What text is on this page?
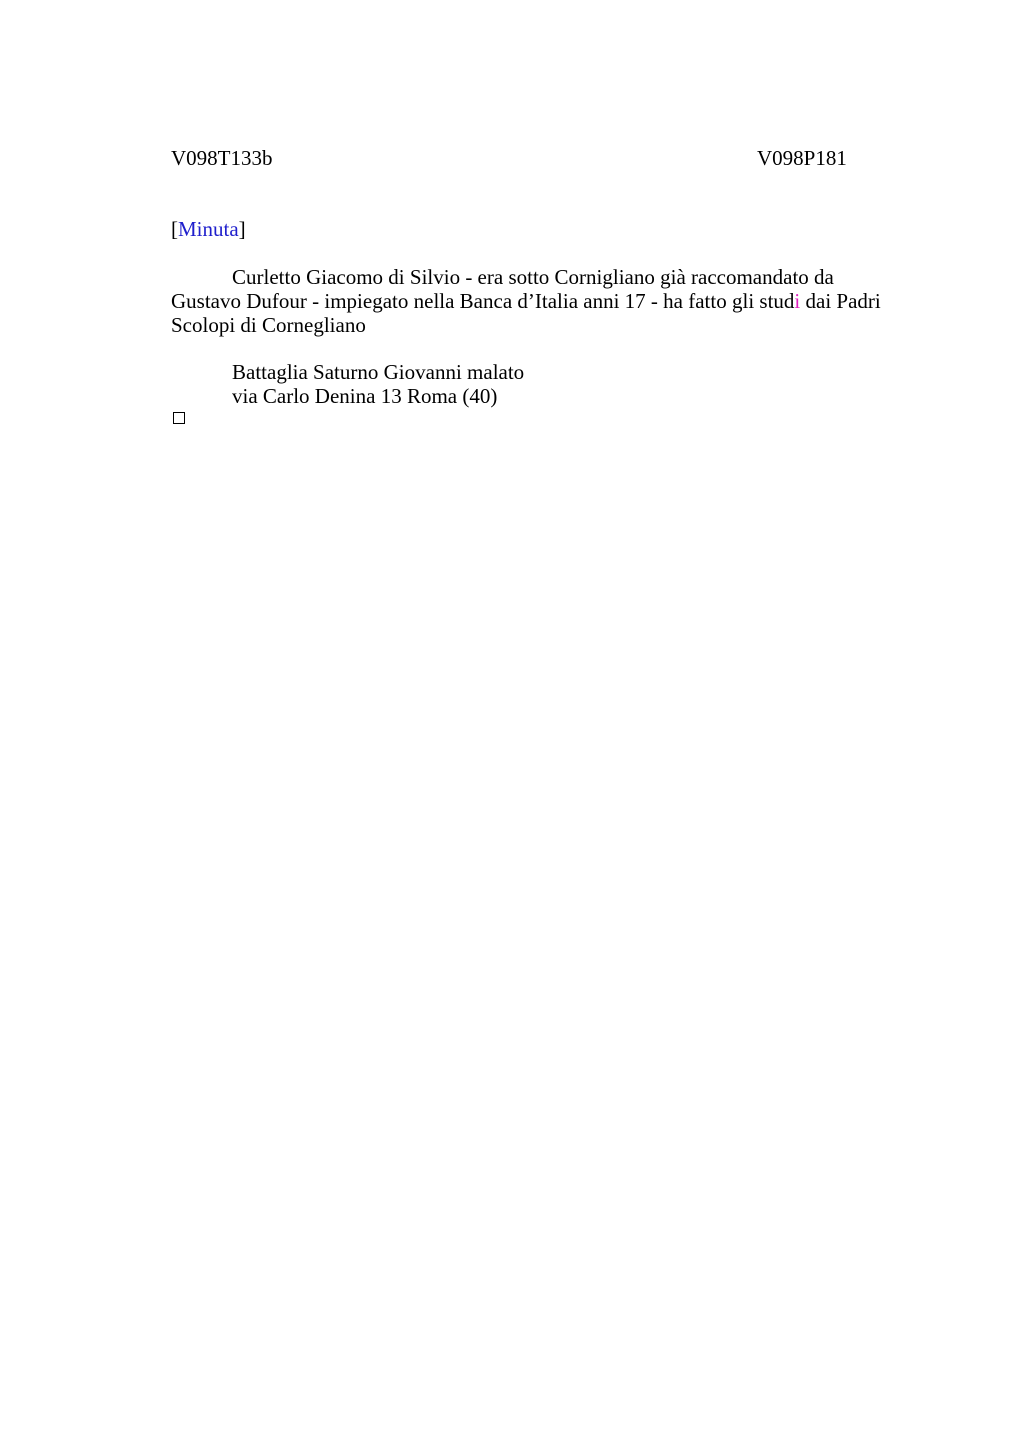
V098T133b	V098P181
[Minuta]

Curletto Giacomo di Silvio - era sotto Cornigliano già raccomandato da Gustavo Dufour - impiegato nella Banca d’Italia anni 17 - ha fatto gli studi dai Padri Scolopi di Cornegliano

Battaglia Saturno Giovanni malato
via Carlo Denina 13 Roma (40)
